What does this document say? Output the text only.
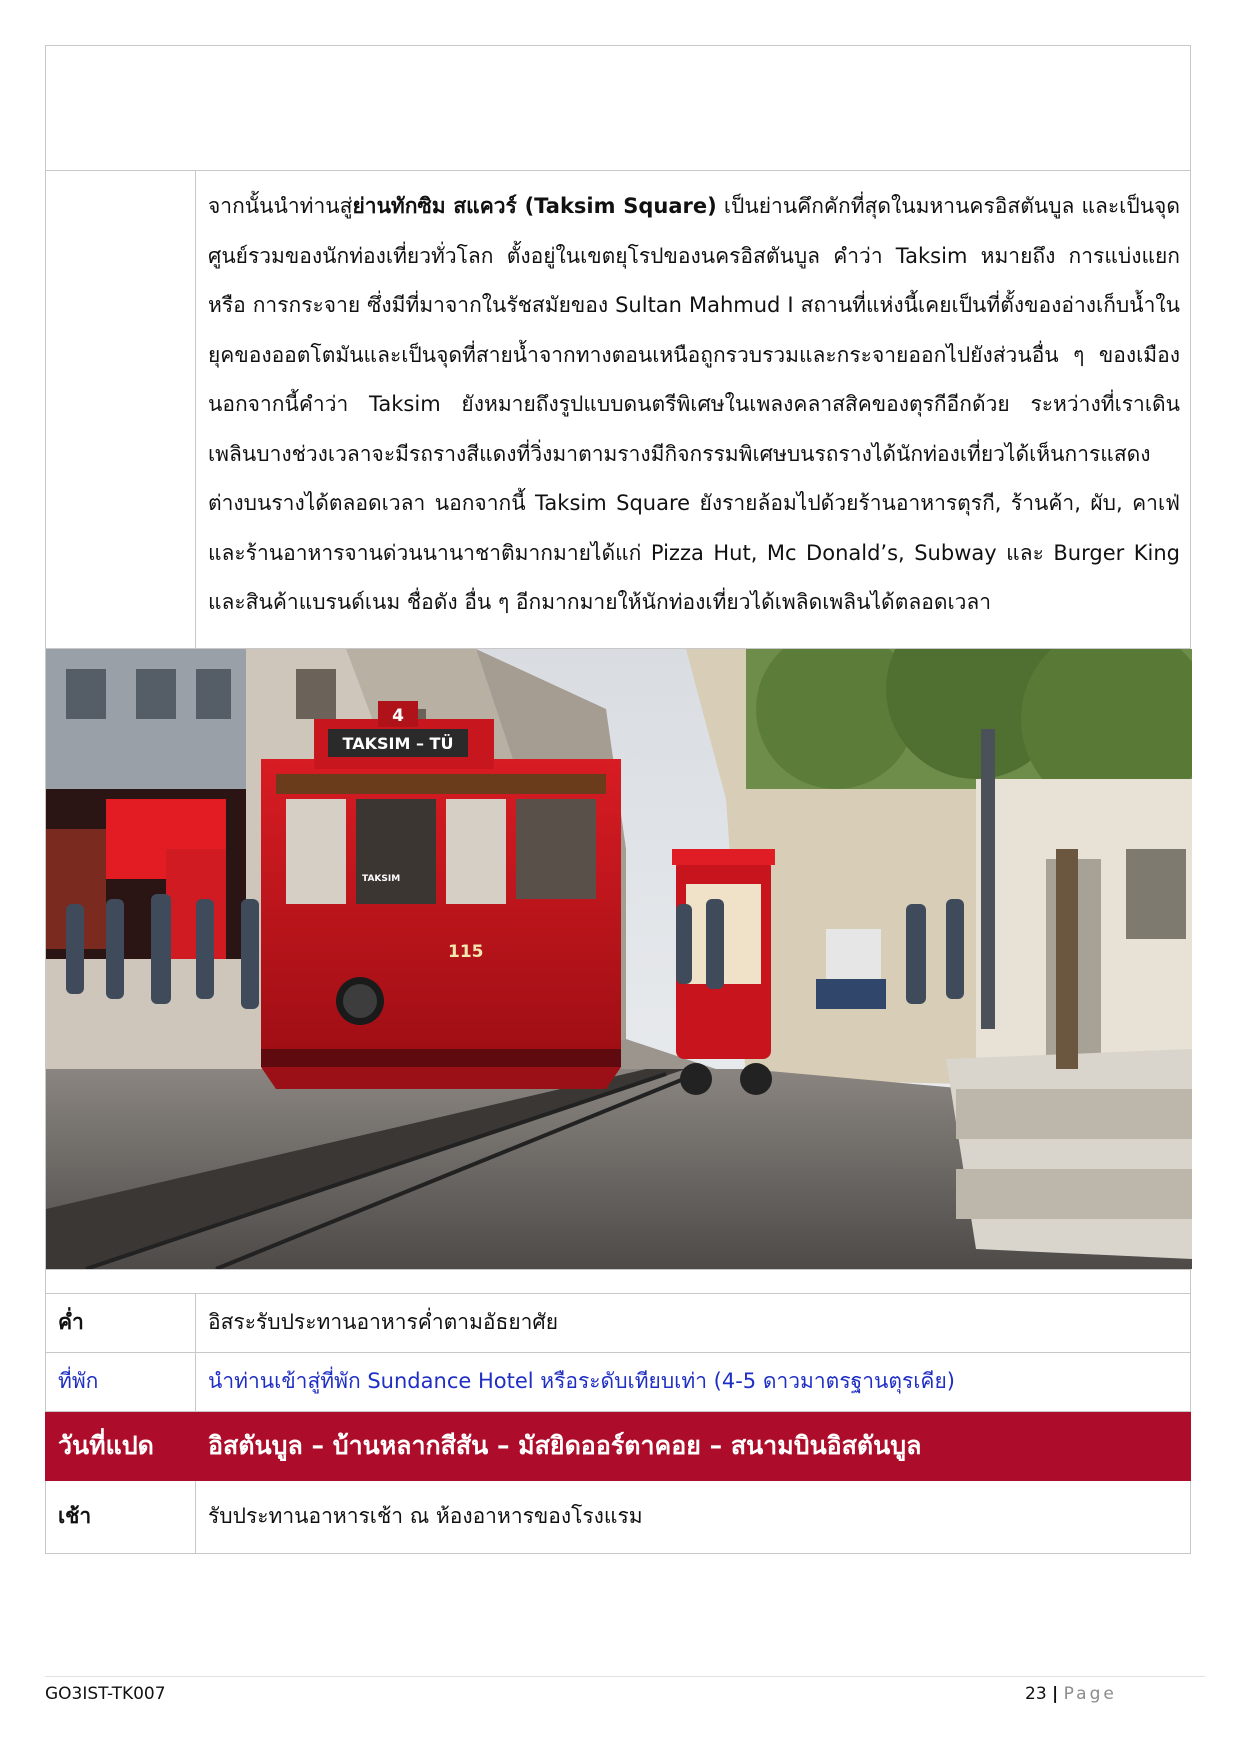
	จากนั้นนำท่านสู่ย่านทักซิม สแควร์ (Taksim Square) เป็นย่านคึกคักที่สุดในมหานครอิสตันบูล และเป็นจุดศูนย์รวมของนักท่องเที่ยวทั่วโลก ตั้งอยู่ในเขตยุโรปของนครอิสตันบูล คำว่า Taksim หมายถึง การแบ่งแยก หรือ การกระจาย ซึ่งมีที่มาจากในรัชสมัยของ Sultan Mahmud I สถานที่แห่งนี้เคยเป็นที่ตั้งของอ่างเก็บน้ำในยุคของออตโตมันและเป็นจุดที่สายน้ำจากทางตอนเหนือถูกรวบรวมและกระจายออกไปยังส่วนอื่น ๆ ของเมืองนอกจากนี้คำว่า Taksim ยังหมายถึงรูปแบบดนตรีพิเศษในเพลงคลาสสิคของตุรกีอีกด้วย ระหว่างที่เราเดินเพลินบางช่วงเวลาจะมีรถรางสีแดงที่วิ่งมาตามรางมีกิจกรรมพิเศษบนรถรางได้นักท่องเที่ยวได้เห็นการแสดงต่างบนรางได้ตลอดเวลา นอกจากนี้ Taksim Square ยังรายล้อมไปด้วยร้านอาหารตุรกี, ร้านค้า, ผับ, คาเฟ่และร้านอาหารจานด่วนนานาชาติมากมายได้แก่ Pizza Hut, Mc Donald’s, Subway และ Burger King และสินค้าแบรนด์เนม ชื่อดัง อื่น ๆ อีกมากมายให้นักท่องเที่ยวได้เพลิดเพลินได้ตลอดเวลา

TAKSIM – TÜ
4
TAKSIM
115	

ค่ำ	อิสระรับประทานอาหารค่ำตามอัธยาศัย
ที่พัก	นำท่านเข้าสู่ที่พัก Sundance Hotel หรือระดับเทียบเท่า (4-5 ดาวมาตรฐานตุรเคีย)
วันที่แปด	อิสตันบูล – บ้านหลากสีสัน – มัสยิดออร์ตาคอย – สนามบินอิสตันบูล
เช้า	รับประทานอาหารเช้า ณ ห้องอาหารของโรงแรม
GO3IST-TK007	23 | Page
